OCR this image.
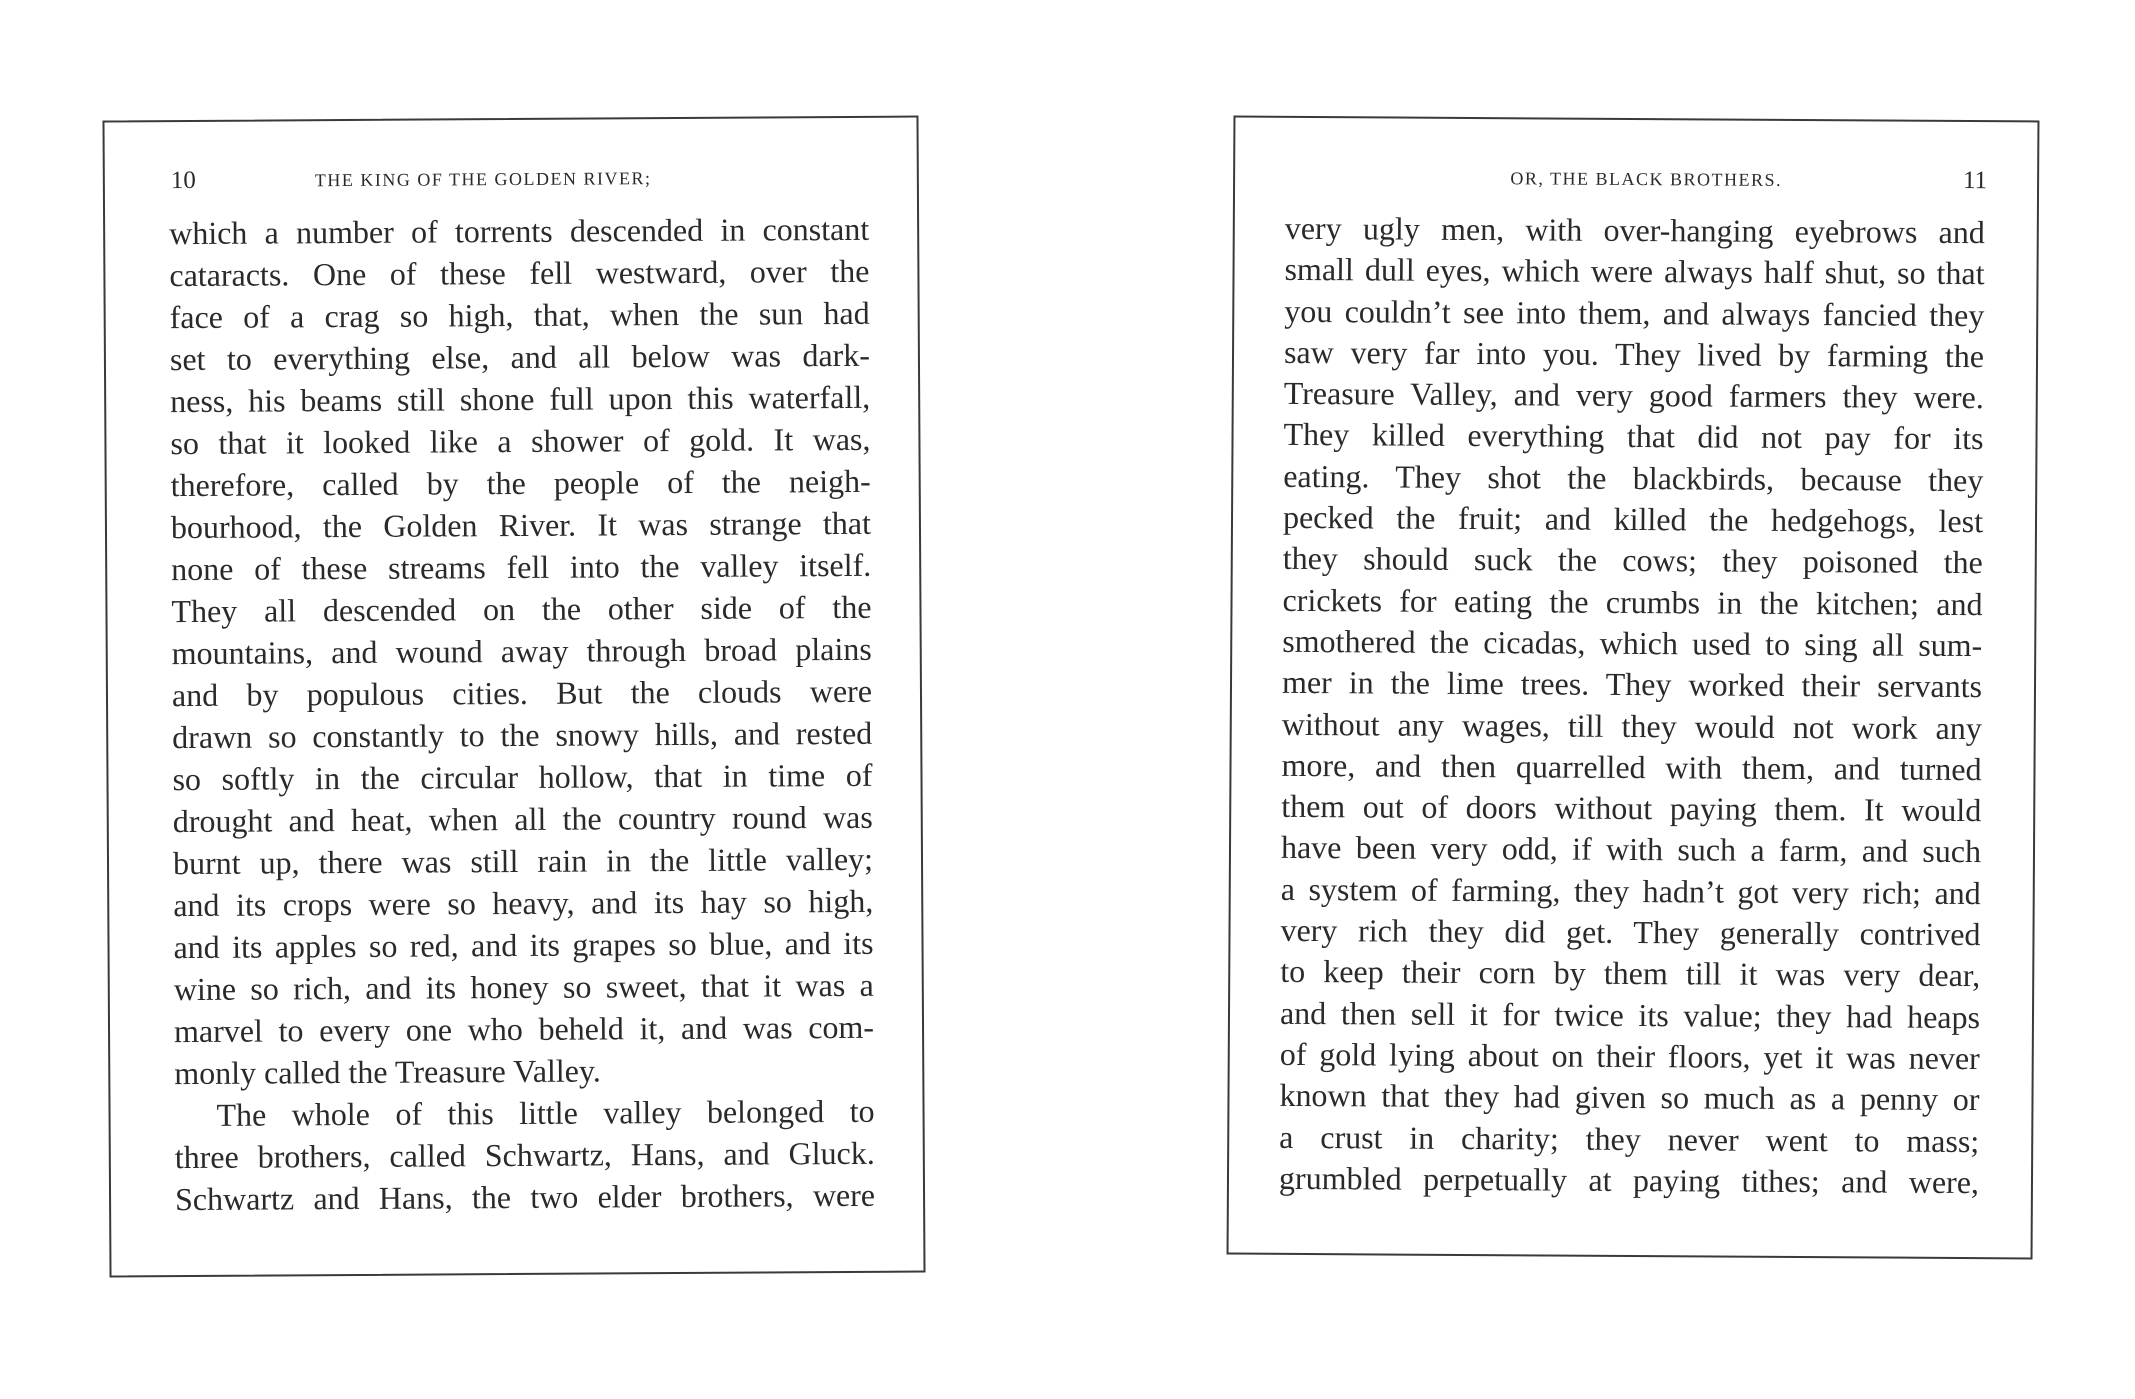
10	THE KING OF THE GOLDEN RIVER;
which a number of torrents descended in constant
cataracts. One of these fell westward, over the
face of a crag so high, that, when the sun had
set to everything else, and all below was dark-
ness, his beams still shone full upon this waterfall,
so that it looked like a shower of gold. It was,
therefore, called by the people of the neigh-
bourhood, the Golden River. It was strange that
none of these streams fell into the valley itself.
They all descended on the other side of the
mountains, and wound away through broad plains
and by populous cities. But the clouds were
drawn so constantly to the snowy hills, and rested
so softly in the circular hollow, that in time of
drought and heat, when all the country round was
burnt up, there was still rain in the little valley;
and its crops were so heavy, and its hay so high,
and its apples so red, and its grapes so blue, and its
wine so rich, and its honey so sweet, that it was a
marvel to every one who beheld it, and was com-
monly called the Treasure Valley.
The whole of this little valley belonged to
three brothers, called Schwartz, Hans, and Gluck.
Schwartz and Hans, the two elder brothers, were
OR, THE BLACK BROTHERS.	11
very ugly men, with over-hanging eyebrows and
small dull eyes, which were always half shut, so that
you couldn’t see into them, and always fancied they
saw very far into you. They lived by farming the
Treasure Valley, and very good farmers they were.
They killed everything that did not pay for its
eating. They shot the blackbirds, because they
pecked the fruit; and killed the hedgehogs, lest
they should suck the cows; they poisoned the
crickets for eating the crumbs in the kitchen; and
smothered the cicadas, which used to sing all sum-
mer in the lime trees. They worked their servants
without any wages, till they would not work any
more, and then quarrelled with them, and turned
them out of doors without paying them. It would
have been very odd, if with such a farm, and such
a system of farming, they hadn’t got very rich; and
very rich they did get. They generally contrived
to keep their corn by them till it was very dear,
and then sell it for twice its value; they had heaps
of gold lying about on their floors, yet it was never
known that they had given so much as a penny or
a crust in charity; they never went to mass;
grumbled perpetually at paying tithes; and were,
